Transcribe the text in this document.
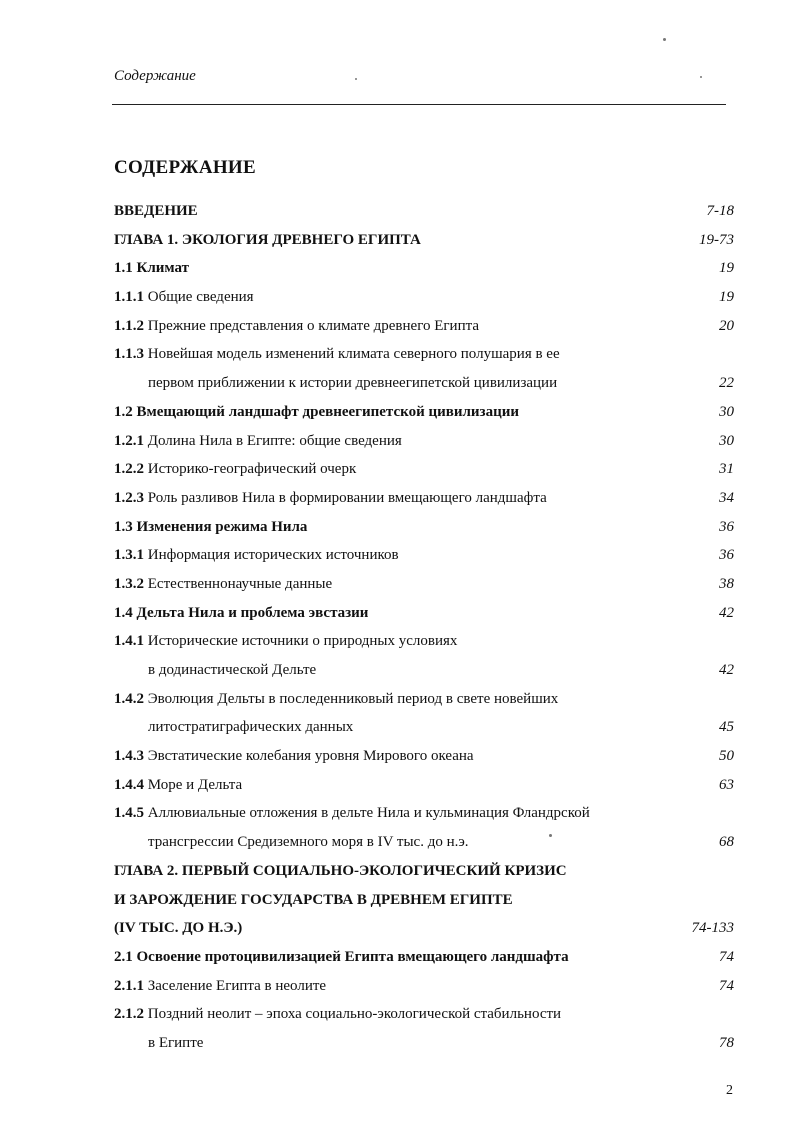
Содержание
СОДЕРЖАНИЕ
ВВЕДЕНИЕ	7-18
ГЛАВА 1. ЭКОЛОГИЯ ДРЕВНЕГО ЕГИПТА	19-73
1.1 Климат	19
1.1.1 Общие сведения	19
1.1.2 Прежние представления о климате древнего Египта	20
1.1.3 Новейшая модель изменений климата северного полушария в ее
первом приближении к истории древнеегипетской цивилизации	22
1.2 Вмещающий ландшафт древнеегипетской цивилизации	30
1.2.1 Долина Нила в Египте: общие сведения	30
1.2.2 Историко-географический очерк	31
1.2.3 Роль разливов Нила в формировании вмещающего ландшафта	34
1.3 Изменения режима Нила	36
1.3.1 Информация исторических источников	36
1.3.2 Естественнонаучные данные	38
1.4 Дельта Нила и проблема эвстазии	42
1.4.1 Исторические источники о природных условиях
в додинастической Дельте	42
1.4.2 Эволюция Дельты в последенниковый период в свете новейших
литостратиграфических данных	45
1.4.3 Эвстатические колебания уровня Мирового океана	50
1.4.4 Море и Дельта	63
1.4.5 Аллювиальные отложения в дельте Нила и кульминация Фландрской
трансгрессии Средиземного моря в IV тыс. до н.э.	68
ГЛАВА 2. ПЕРВЫЙ СОЦИАЛЬНО-ЭКОЛОГИЧЕСКИЙ КРИЗИС
И ЗАРОЖДЕНИЕ ГОСУДАРСТВА В ДРЕВНЕМ ЕГИПТЕ
(IV ТЫС. ДО Н.Э.)	74-133
2.1 Освоение протоцивилизацией Египта вмещающего ландшафта	74
2.1.1 Заселение Египта в неолите	74
2.1.2 Поздний неолит – эпоха социально-экологической стабильности
в Египте	78
2
